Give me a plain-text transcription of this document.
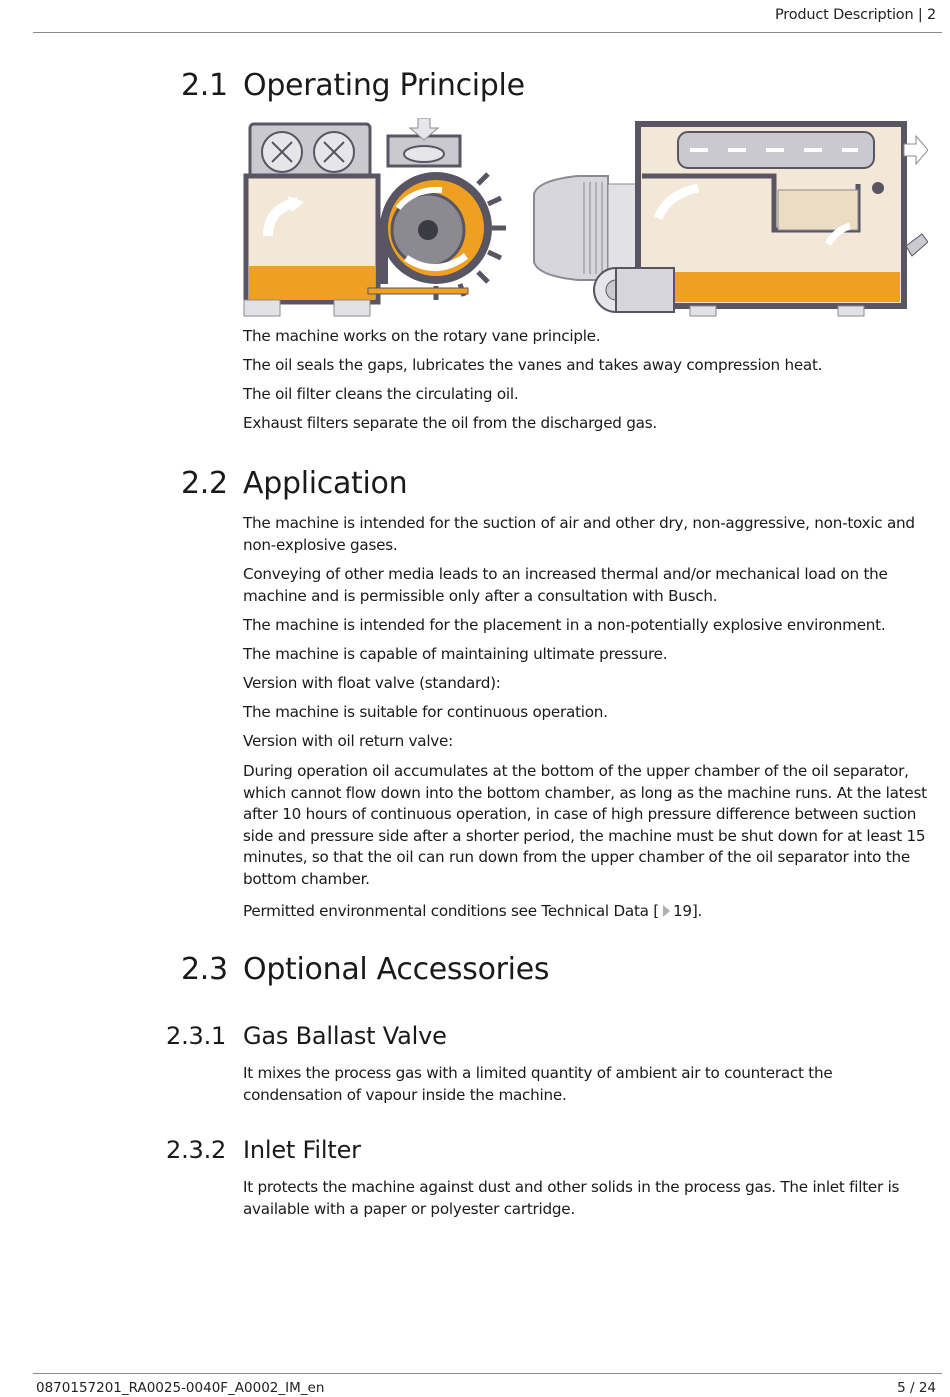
Product Description | 2
2.1 Operating Principle

The machine works on the rotary vane principle.

The oil seals the gaps, lubricates the vanes and takes away compression heat.

The oil filter cleans the circulating oil.

Exhaust filters separate the oil from the discharged gas.

2.2 Application

The machine is intended for the suction of air and other dry, non-aggressive, non-toxic and non-explosive gases.

Conveying of other media leads to an increased thermal and/or mechanical load on the machine and is permissible only after a consultation with Busch.

The machine is intended for the placement in a non-potentially explosive environment.

The machine is capable of maintaining ultimate pressure.

Version with float valve (standard):

The machine is suitable for continuous operation.

Version with oil return valve:

During operation oil accumulates at the bottom of the upper chamber of the oil separator, which cannot flow down into the bottom chamber, as long as the machine runs. At the latest after 10 hours of continuous operation, in case of high pressure difference between suction side and pressure side after a shorter period, the machine must be shut down for at least 15 minutes, so that the oil can run down from the upper chamber of the oil separator into the bottom chamber.

Permitted environmental conditions see Technical Data [ 19].

2.3 Optional Accessories
2.3.1 Gas Ballast Valve

It mixes the process gas with a limited quantity of ambient air to counteract the condensation of vapour inside the machine.

2.3.2 Inlet Filter

It protects the machine against dust and other solids in the process gas. The inlet filter is available with a paper or polyester cartridge.

0870157201_RA0025-0040F_A0002_IM_en	5 / 24
